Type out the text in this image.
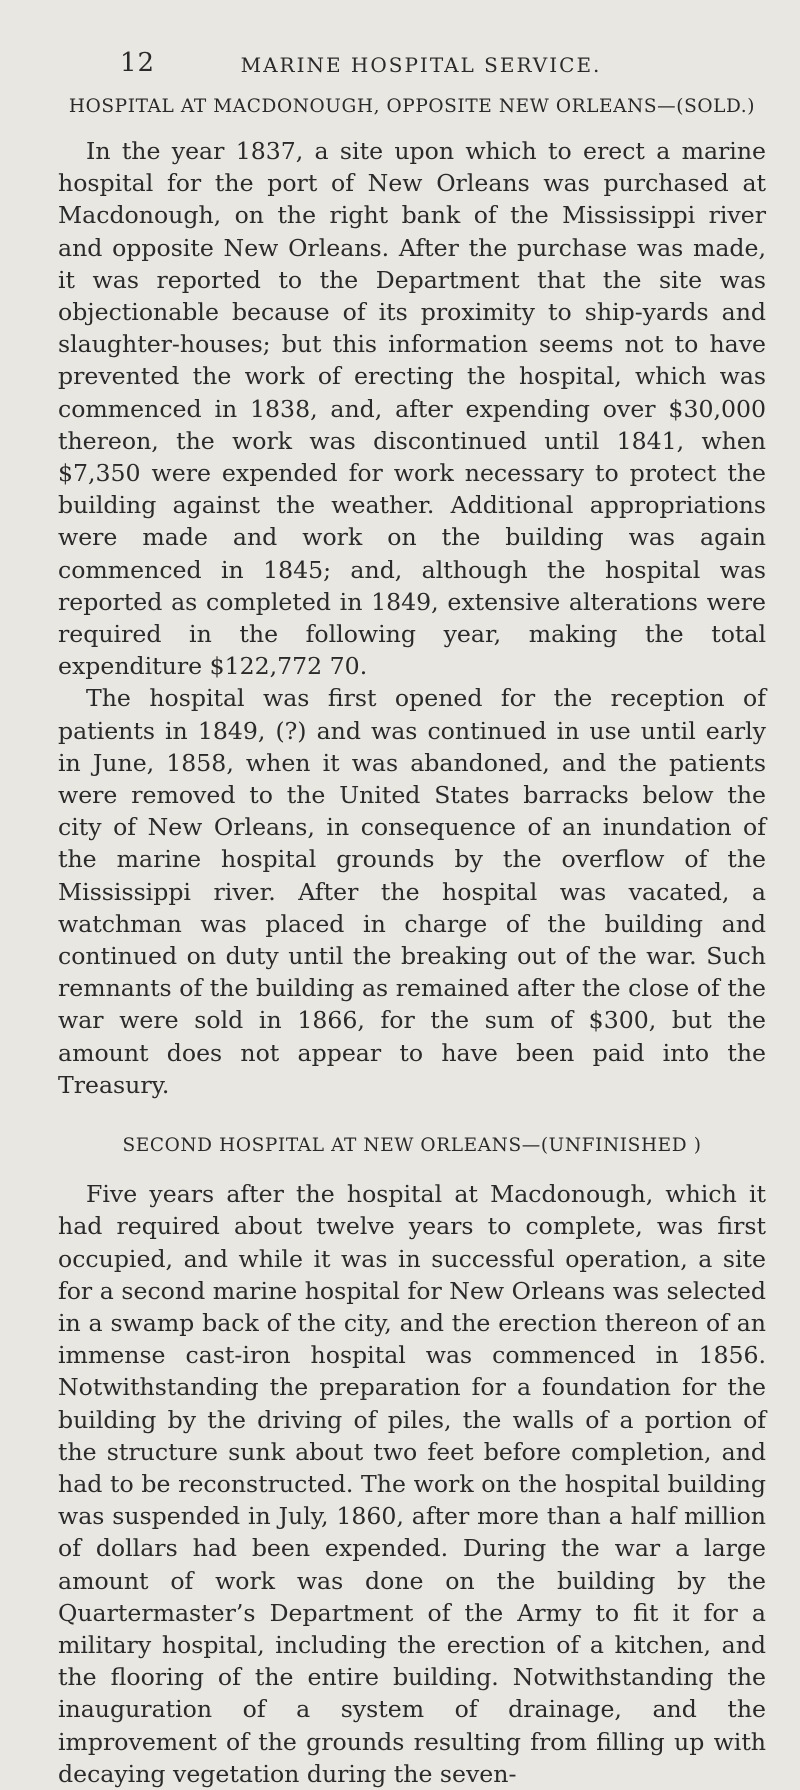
12	MARINE HOSPITAL SERVICE.
HOSPITAL AT MACDONOUGH, OPPOSITE NEW ORLEANS—(SOLD.)

In the year 1837, a site upon which to erect a marine hospital for the port of New Orleans was purchased at Macdonough, on the right bank of the Mississippi river and opposite New Orleans. After the purchase was made, it was reported to the Department that the site was objectionable because of its proximity to ship-yards and slaughter-houses; but this information seems not to have prevented the work of erecting the hospital, which was commenced in 1838, and, after expending over $30,000 thereon, the work was discontinued until 1841, when $7,350 were expended for work necessary to protect the building against the weather. Additional appropriations were made and work on the building was again commenced in 1845; and, although the hospital was reported as completed in 1849, extensive alterations were required in the following year, making the total expenditure $122,772 70.

The hospital was first opened for the reception of patients in 1849, (?) and was continued in use until early in June, 1858, when it was abandoned, and the patients were removed to the United States barracks below the city of New Orleans, in consequence of an inundation of the marine hospital grounds by the overflow of the Mississippi river. After the hospital was vacated, a watchman was placed in charge of the building and continued on duty until the breaking out of the war. Such remnants of the building as remained after the close of the war were sold in 1866, for the sum of $300, but the amount does not appear to have been paid into the Treasury.

SECOND HOSPITAL AT NEW ORLEANS—(UNFINISHED )

Five years after the hospital at Macdonough, which it had required about twelve years to complete, was first occupied, and while it was in successful operation, a site for a second marine hospital for New Orleans was selected in a swamp back of the city, and the erection thereon of an immense cast-iron hospital was commenced in 1856. Notwithstanding the preparation for a foundation for the building by the driving of piles, the walls of a portion of the structure sunk about two feet before completion, and had to be reconstructed. The work on the hospital building was suspended in July, 1860, after more than a half million of dollars had been expended. During the war a large amount of work was done on the building by the Quartermaster’s Department of the Army to fit it for a military hospital, including the erection of a kitchen, and the flooring of the entire building. Notwithstanding the inauguration of a system of drainage, and the improvement of the grounds resulting from filling up with decaying vegetation during the seven-
